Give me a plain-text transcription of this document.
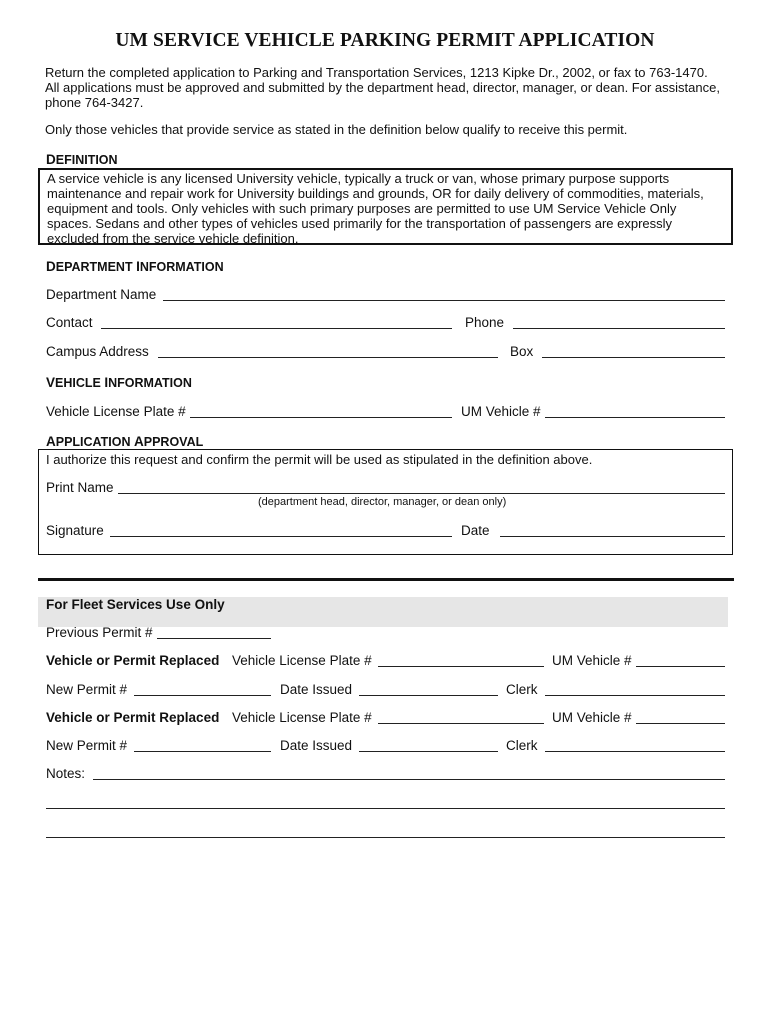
UM SERVICE VEHICLE PARKING PERMIT APPLICATION
Return the completed application to Parking and Transportation Services, 1213 Kipke Dr., 2002, or fax to 763-1470. All applications must be approved and submitted by the department head, director, manager, or dean. For assistance, phone 764-3427.
Only those vehicles that provide service as stated in the definition below qualify to receive this permit.
DEFINITION
A service vehicle is any licensed University vehicle, typically a truck or van, whose primary purpose supports maintenance and repair work for University buildings and grounds, OR for daily delivery of commodities, materials, equipment and tools. Only vehicles with such primary purposes are permitted to use UM Service Vehicle Only spaces. Sedans and other types of vehicles used primarily for the transportation of passengers are expressly excluded from the service vehicle definition.
DEPARTMENT INFORMATION
Department Name
Contact	Phone
Campus Address	Box
VEHICLE INFORMATION
Vehicle License Plate #	UM Vehicle #
APPLICATION APPROVAL
I authorize this request and confirm the permit will be used as stipulated in the definition above.
Print Name
(department head, director, manager, or dean only)
Signature	Date
For Fleet Services Use Only
Previous Permit #
Vehicle or Permit Replaced Vehicle License Plate #	UM Vehicle #
New Permit #	Date Issued	Clerk
Vehicle or Permit Replaced Vehicle License Plate #	UM Vehicle #
New Permit #	Date Issued	Clerk
Notes:
